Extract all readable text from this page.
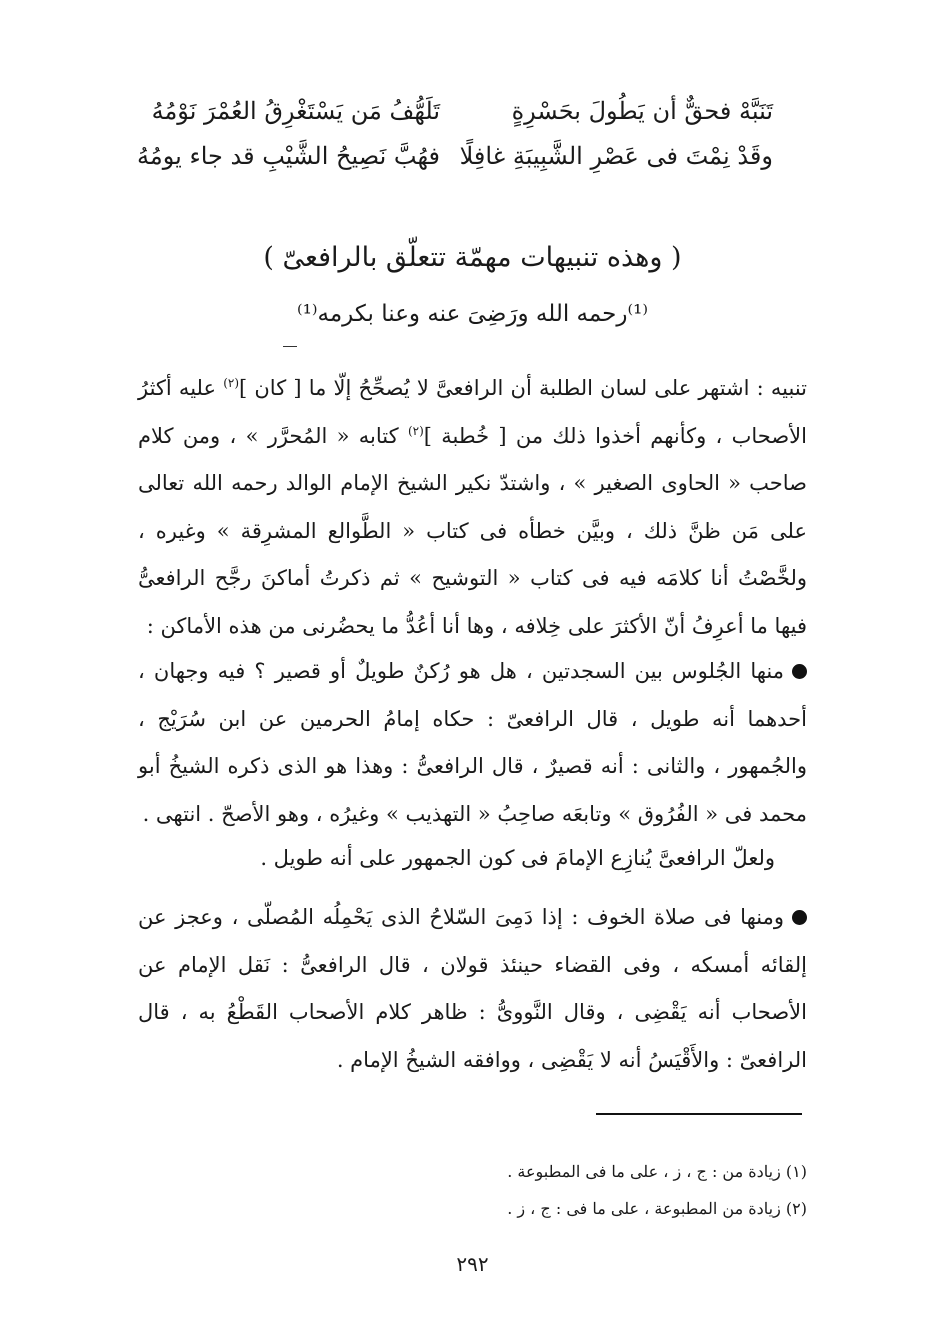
تَنَبَّهْ فحقٌّ أن يَطُولَ بحَسْرِةٍ
تَلَهُّفُ مَن يَسْتَغْرِقُ العُمْرَ نَوْمُهُ
وقَدْ نِمْتَ فى عَصْرِ الشَّبِيبَةِ غافِلًا
فهُبَّ نَصِيحُ الشَّيْبِ قد جاء يومُهُ
( وهذه تنبيهات مهمّة تتعلّق بالرافعىّ )
⁽¹⁾رحمه الله ورَضِىَ عنه وعنا بكرمه⁽¹⁾

تنبيه : اشتهر على لسان الطلبة أن الرافعىَّ لا يُصحِّحُ إلّا ما [ كان ]$^{(٢)}$ عليه أكثرُ الأصحاب ، وكأنهم أخذوا ذلك من [ خُطبة ]$^{(٢)}$ كتابه « المُحرَّر » ، ومن كلام صاحب « الحاوى الصغير » ، واشتدّ نكير الشيخ الإمام الوالد رحمه الله تعالى على مَن ظنَّ ذلك ، وبيَّن خطأه فى كتاب « الطَّوالع المشرِقة » وغيره ، ولخَّصْتُ أنا كلامَه فيه فى كتاب « التوشيح » ثم ذكرتُ أماكنَ رجَّح الرافعىُّ فيها ما أعرِفُ أنّ الأكثرَ على خِلافه ، وها أنا أعُدُّ ما يحضُرنى من هذه الأماكن :

منها الجُلوس بين السجدتين ، هل هو رُكنٌ طويلٌ أو قصير ؟ فيه وجهان ، أحدهما أنه طويل ، قال الرافعىّ : حكاه إمامُ الحرمين عن ابن سُرَيْج ، والجُمهور ، والثانى : أنه قصيرٌ ، قال الرافعىُّ : وهذا هو الذى ذكره الشيخُ أبو محمد فى « الفُرُوق » وتابعَه صاحِبُ « التهذيب » وغيرُه ، وهو الأصحّ . انتهى .

ولعلّ الرافعىَّ يُنازِع الإمامَ فى كون الجمهور على أنه طويل .

ومنها فى صلاة الخوف : إذا دَمِىَ السّلاحُ الذى يَحْمِلُه المُصلّى ، وعجز عن إلقائه أمسكه ، وفى القضاء حينئذ قولان ، قال الرافعىُّ : نَقل الإمام عن الأصحاب أنه يَقْضِى ، وقال النَّووىُّ : ظاهر كلام الأصحاب القَطْعُ به ، قال الرافعىّ : والأَقْيَسُ أنه لا يَقْضِى ، ووافقه الشيخُ الإمام .

(١) زيادة من : ج ، ز ، على ما فى المطبوعة .
(٢) زيادة من المطبوعة ، على ما فى : ج ، ز .
٢٩٢
